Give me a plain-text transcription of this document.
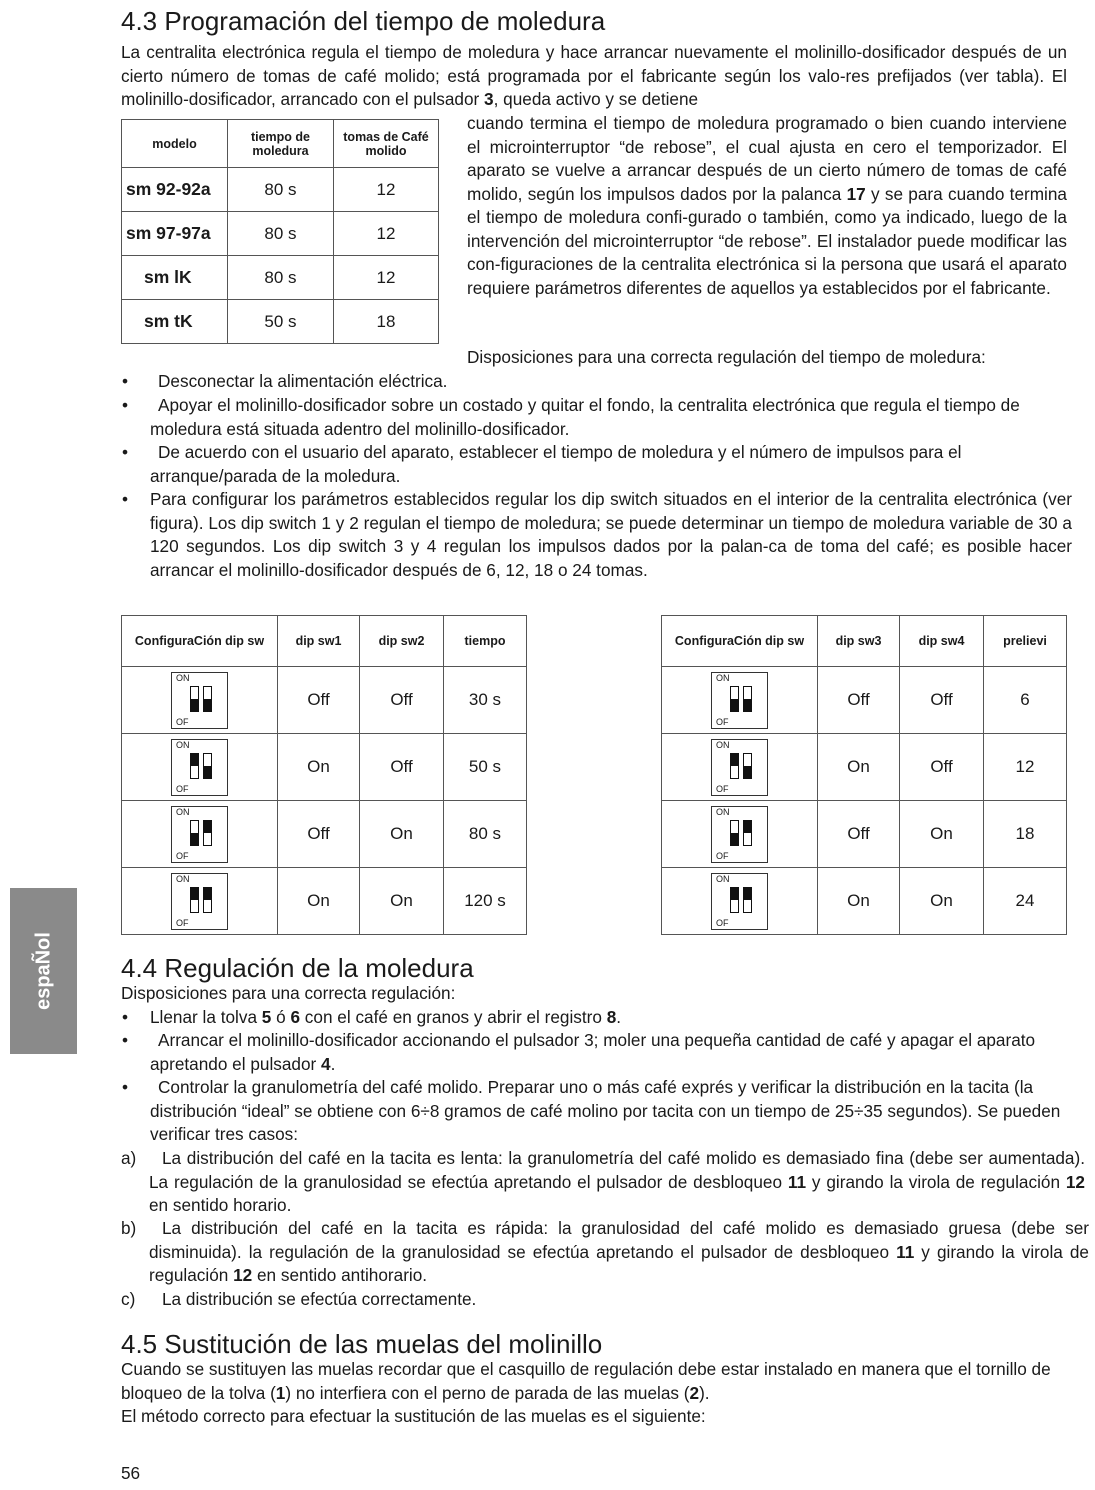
4.3 Programación del tiempo de moledura
La centralita electrónica regula el tiempo de moledura y hace arrancar nuevamente el molinillo-dosificador después de un cierto número de tomas de café molido; está programada por el fabricante según los valo-res prefijados (ver tabla). El molinillo-dosificador, arrancado con el pulsador 3, queda activo y se detiene
modelo	tiempo de moledura	tomas de Café molido
sm 92-92a	80 s	12
sm 97-97a	80 s	12
sm lK	80 s	12
sm tK	50 s	18
cuando termina el tiempo de moledura programado o bien cuando interviene el microinterruptor “de rebose”, el cual ajusta en cero el temporizador. El aparato se vuelve a arrancar después de un cierto número de tomas de café molido, según los impulsos dados por la palanca 17 y se para cuando termina el tiempo de moledura confi-gurado o también, como ya indicado, luego de la intervención del microinterruptor “de rebose”. El instalador puede modificar las con-figuraciones de la centralita electrónica si la persona que usará el aparato requiere parámetros diferentes de aquellos ya establecidos por el fabricante.
Disposiciones para una correcta regulación del tiempo de moledura:
•	Desconectar la alimentación eléctrica.
•	Apoyar el molinillo-dosificador sobre un costado y quitar el fondo, la centralita electrónica que regula el tiempo de moledura está situada adentro del molinillo-dosificador.
•	De acuerdo con el usuario del aparato, establecer el tiempo de moledura y el número de impulsos para el arranque/parada de la moledura.
•	Para configurar los parámetros establecidos regular los dip switch situados en el interior de la centralita electrónica (ver figura). Los dip switch 1 y 2 regulan el tiempo de moledura; se puede determinar un tiempo de moledura variable de 30 a 120 segundos. Los dip switch 3 y 4 regulan los impulsos dados por la palan-ca de toma del café; es posible hacer arrancar el molinillo-dosificador después de 6, 12, 18 o 24 tomas.
ConfiguraCión dip sw	dip sw1	dip sw2	tiempo

ON
OF	Off	Off	30 s

ON
OF	On	Off	50 s

ON
OF	Off	On	80 s

ON
OF	On	On	120 s
ConfiguraCión dip sw	dip sw3	dip sw4	prelievi

ON
OF	Off	Off	6

ON
OF	On	Off	12

ON
OF	Off	On	18

ON
OF	On	On	24
espaÑol	4.4 Regulación de la moledura
Disposiciones para una correcta regulación:
•	Llenar la tolva 5 ó 6 con el café en granos y abrir el registro 8.
•	Arrancar el molinillo-dosificador accionando el pulsador 3; moler una pequeña cantidad de café y apagar el aparato apretando el pulsador 4.
•	Controlar la granulometría del café molido. Preparar uno o más café exprés y verificar la distribución en la tacita (la distribución “ideal” se obtiene con 6÷8 gramos de café molino por tacita con un tiempo de 25÷35 segundos). Se pueden verificar tres casos:
a)	La distribución del café en la tacita es lenta: la granulometría del café molido es demasiado fina (debe ser aumentada). La regulación de la granulosidad se efectúa apretando el pulsador de desbloqueo 11 y girando la virola de regulación 12 en sentido horario.
b)	La distribución del café en la tacita es rápida: la granulosidad del café molido es demasiado gruesa (debe ser disminuida). la regulación de la granulosidad se efectúa apretando el pulsador de desbloqueo 11 y girando la virola de regulación 12 en sentido antihorario.
c)	La distribución se efectúa correctamente.
4.5 Sustitución de las muelas del molinillo
Cuando se sustituyen las muelas recordar que el casquillo de regulación debe estar instalado en manera que el tornillo de bloqueo de la tolva (1) no interfiera con el perno de parada de las muelas (2).
El método correcto para efectuar la sustitución de las muelas es el siguiente:
56
